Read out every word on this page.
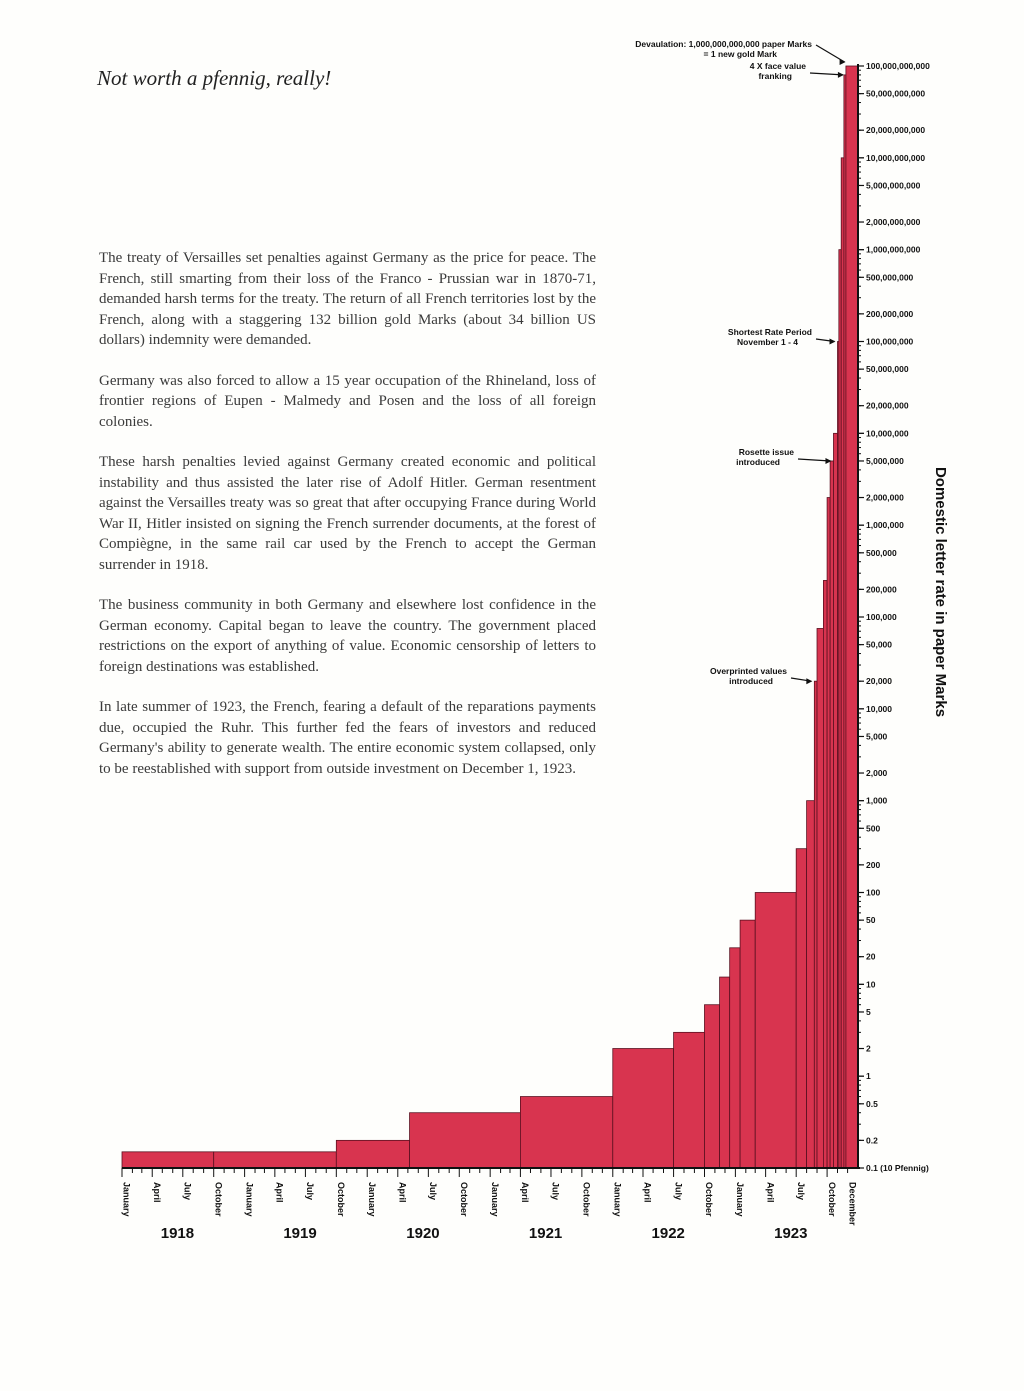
Not worth a pfennig, really!

The treaty of Versailles set penalties against Germany as the price for peace. The French, still smarting from their loss of the Franco - Prussian war in 1870-71, demanded harsh terms for the treaty. The return of all French territories lost by the French, along with a staggering 132 billion gold Marks (about 34 billion US dollars) indemnity were demanded.

Germany was also forced to allow a 15 year occupation of the Rhineland, loss of frontier regions of Eupen - Malmedy and Posen and the loss of all foreign colonies.

These harsh penalties levied against Germany created economic and political instability and thus assisted the later rise of Adolf Hitler. German resentment against the Versailles treaty was so great that after occupying France during World War II, Hitler insisted on signing the French surrender documents, at the forest of Compiègne, in the same rail car used by the French to accept the German surrender in 1918.

The business community in both Germany and elsewhere lost confidence in the German economy. Capital began to leave the country. The government placed restrictions on the export of anything of value. Economic censorship of letters to foreign destinations was established.

In late summer of 1923, the French, fearing a default of the reparations payments due, occupied the Ruhr. This further fed the fears of investors and reduced Germany's ability to generate wealth. The entire economic system collapsed, only to be reestablished with support from outside investment on December 1, 1923.

100,000,000,000
50,000,000,000
20,000,000,000
10,000,000,000
5,000,000,000
2,000,000,000
1,000,000,000
500,000,000
200,000,000
100,000,000
50,000,000
20,000,000
10,000,000
5,000,000
2,000,000
1,000,000
500,000
200,000
100,000
50,000
20,000
10,000
5,000
2,000
1,000
500
200
100
50
20
10
5
2
1
0.5
0.2
0.1 (10 Pfennig)
January April July October January April July October January April July October January April July October January April July October January April July October December
1918	1919	1920	1921	1922	1923
Domestic letter rate in paper Marks
Devaulation: 1,000,000,000,000 paper Marks
= 1 new gold Mark
4 X face value
franking
Shortest Rate Period
November 1 - 4
Rosette issue
introduced
Overprinted values
introduced
